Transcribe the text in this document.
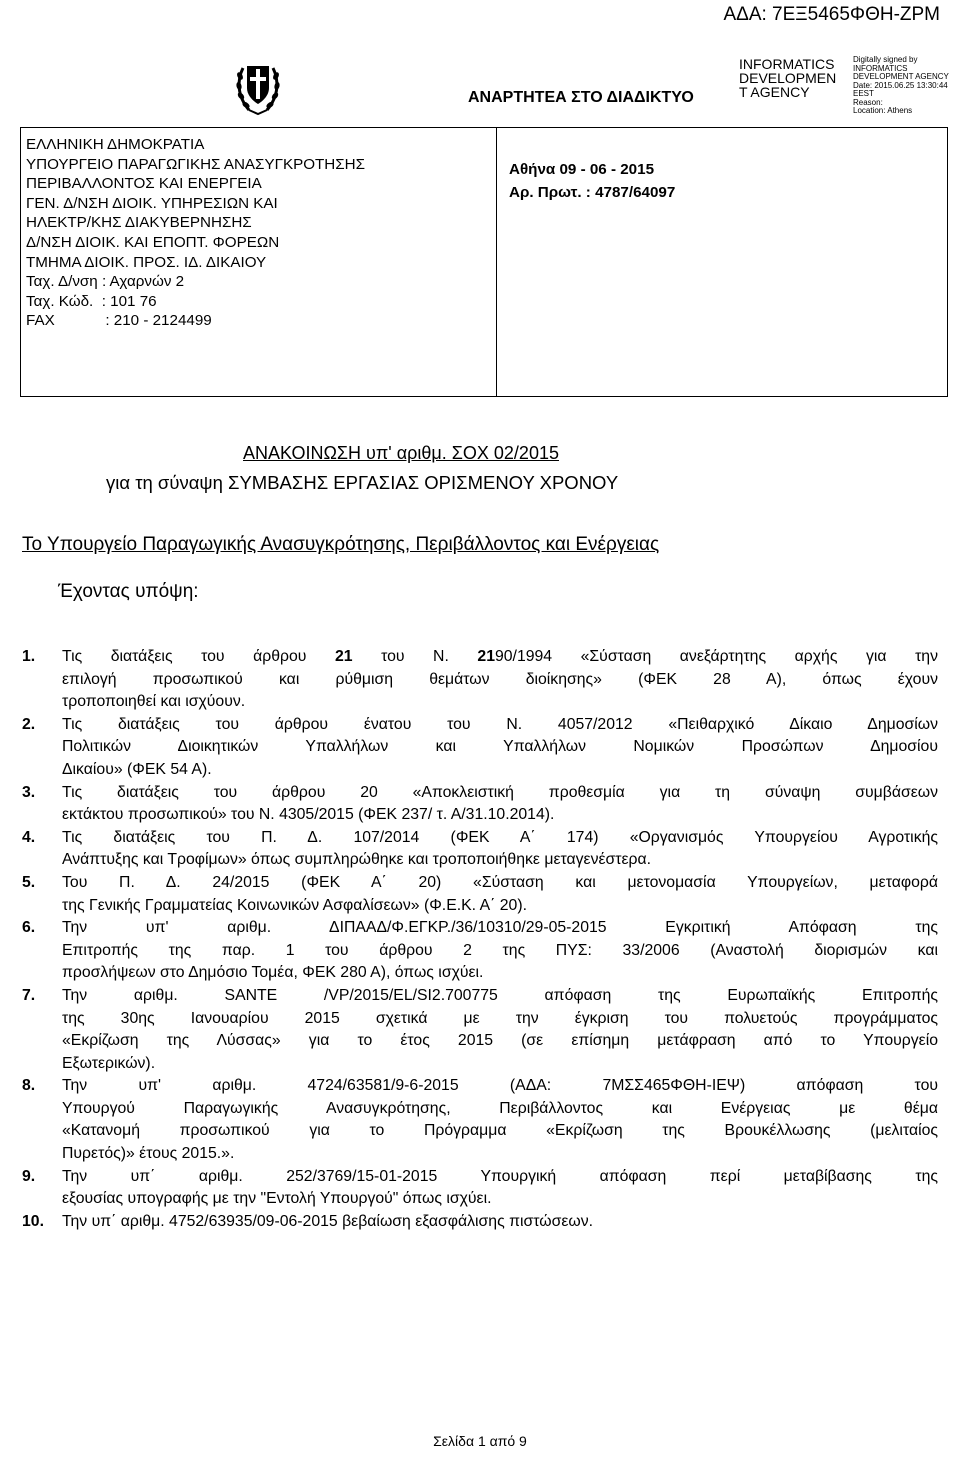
ΑΔΑ: 7ΕΞ5465ΦΘΗ-ΖΡΜ
ΑΝΑΡΤΗΤΕΑ ΣΤΟ ΔΙΑΔΙΚΤΥΟ
INFORMATICS
DEVELOPMEN
T AGENCY
Digitally signed by
INFORMATICS
DEVELOPMENT AGENCY
Date: 2015.06.25 13:30:44
EEST
Reason:
Location: Athens
ΕΛΛΗΝΙΚΗ ΔΗΜΟΚΡΑΤΙΑ
ΥΠΟΥΡΓΕΙΟ ΠΑΡΑΓΩΓΙΚΗΣ ΑΝΑΣΥΓΚΡΟΤΗΣΗΣ
ΠΕΡΙΒΑΛΛΟΝΤΟΣ ΚΑΙ ΕΝΕΡΓΕΙΑ
ΓΕΝ. Δ/ΝΣΗ ΔΙΟΙΚ. ΥΠΗΡΕΣΙΩΝ ΚΑΙ
ΗΛΕΚΤΡ/ΚΗΣ ΔΙΑΚΥΒΕΡΝΗΣΗΣ
Δ/ΝΣΗ ΔΙΟΙΚ. ΚΑΙ ΕΠΟΠΤ. ΦΟΡΕΩΝ
ΤΜΗΜΑ ΔΙΟΙΚ. ΠΡΟΣ. ΙΔ. ΔΙΚΑΙΟΥ
Ταχ. Δ/νση : Αχαρνών 2
Ταχ. Κώδ.  : 101 76
FAX            : 210 - 2124499
Αθήνα 09 - 06 - 2015
Αρ. Πρωτ. : 4787/64097
ΑΝΑΚΟΙΝΩΣΗ υπ' αριθμ. ΣΟΧ 02/2015
για τη σύναψη ΣΥΜΒΑΣΗΣ ΕΡΓΑΣΙΑΣ ΟΡΙΣΜΕΝΟΥ ΧΡΟΝΟΥ
Το Υπουργείο Παραγωγικής Ανασυγκρότησης, Περιβάλλοντος και Ενέργειας
Έχοντας υπόψη:
1.	Τις διατάξεις του άρθρου 21 του Ν. 2190/1994 «Σύσταση ανεξάρτητης αρχής για την
επιλογή προσωπικού και ρύθμιση θεμάτων διοίκησης» (ΦΕΚ 28 Α), όπως έχουν
τροποποιηθεί και ισχύουν.
2.	Τις διατάξεις του άρθρου ένατου του Ν. 4057/2012 «Πειθαρχικό Δίκαιο Δημοσίων
Πολιτικών Διοικητικών Υπαλλήλων και Υπαλλήλων Νομικών Προσώπων Δημοσίου
Δικαίου» (ΦΕΚ 54 Α).
3.	Τις διατάξεις του άρθρου 20 «Αποκλειστική προθεσμία για τη σύναψη συμβάσεων
εκτάκτου προσωπικού» του Ν. 4305/2015 (ΦΕΚ 237/ τ. Α/31.10.2014).
4.	Τις διατάξεις του Π. Δ. 107/2014 (ΦΕΚ Α΄ 174) «Οργανισμός Υπουργείου Αγροτικής
Ανάπτυξης και Τροφίμων» όπως συμπληρώθηκε και τροποποιήθηκε μεταγενέστερα.
5.	Του Π. Δ. 24/2015 (ΦΕΚ Α΄ 20) «Σύσταση και μετονομασία Υπουργείων, μεταφορά
της Γενικής Γραμματείας Κοινωνικών Ασφαλίσεων» (Φ.Ε.Κ. Α΄ 20).
6.	Την υπ' αριθμ. ΔΙΠΑΑΔ/Φ.ΕΓΚΡ./36/10310/29-05-2015 Εγκριτική Απόφαση της
Επιτροπής της παρ. 1 του άρθρου 2 της ΠΥΣ: 33/2006 (Αναστολή διορισμών και
προσλήψεων στο Δημόσιο Τομέα, ΦΕΚ 280 Α), όπως ισχύει.
7.	Την αριθμ. SANTE /VP/2015/EL/SI2.700775 απόφαση της Ευρωπαϊκής Επιτροπής
της 30ης Ιανουαρίου 2015 σχετικά με την έγκριση του πολυετούς προγράμματος
«Εκρίζωση της Λύσσας» για το έτος 2015 (σε επίσημη μετάφραση από το Υπουργείο
Εξωτερικών).
8.	Την υπ' αριθμ. 4724/63581/9-6-2015 (ΑΔΑ: 7ΜΣΣ465ΦΘΗ-ΙΕΨ) απόφαση του
Υπουργού Παραγωγικής Ανασυγκρότησης, Περιβάλλοντος και Ενέργειας με θέμα
«Κατανομή προσωπικού για το Πρόγραμμα «Εκρίζωση της Βρουκέλλωσης (μελιταίος
Πυρετός)» έτους 2015.».
9.	Την υπ΄ αριθμ. 252/3769/15-01-2015 Υπουργική απόφαση περί μεταβίβασης της
εξουσίας υπογραφής με την "Εντολή Υπουργού" όπως ισχύει.
10.	Την υπ΄ αριθμ. 4752/63935/09-06-2015 βεβαίωση εξασφάλισης πιστώσεων.
Σελίδα 1 από 9
